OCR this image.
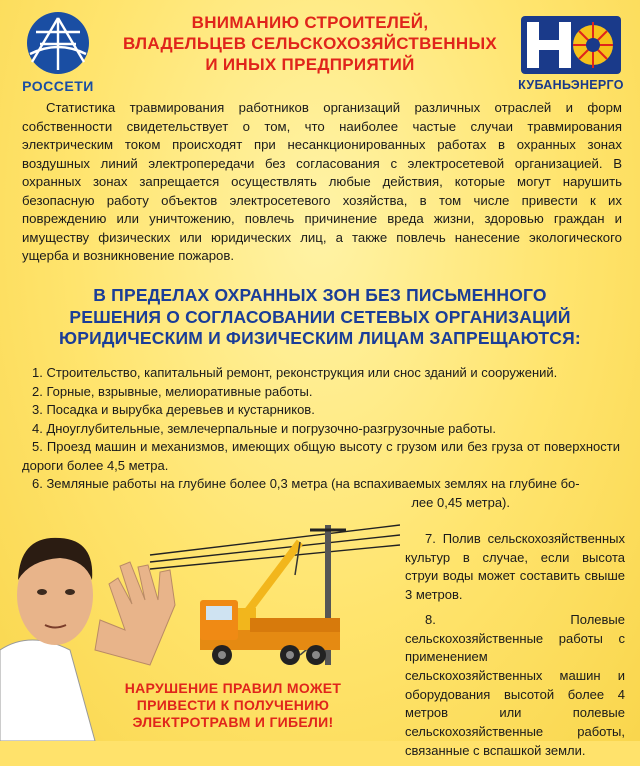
РОССЕТИ
ВНИМАНИЮ СТРОИТЕЛЕЙ,
ВЛАДЕЛЬЦЕВ СЕЛЬСКОХОЗЯЙСТВЕННЫХ
И ИНЫХ ПРЕДПРИЯТИЙ
КУБАНЬЭНЕРГО
Статистика травмирования работников организаций различных отраслей и форм собственности свидетельствует о том, что наиболее частые случаи травмирования электрическим током происходят при несанкционированных работах в охранных зонах воздушных линий электропередачи без согласования с электросетевой организацией. В охранных зонах запрещается осуществлять любые действия, которые могут нарушить безопасную работу объектов электросетевого хозяйства, в том числе привести к их повреждению или уничтожению, повлечь причинение вреда жизни, здоровью граждан и имуществу физических или юридических лиц, а также повлечь нанесение экологического ущерба и возникновение пожаров.
В ПРЕДЕЛАХ ОХРАННЫХ ЗОН БЕЗ ПИСЬМЕННОГО
РЕШЕНИЯ О СОГЛАСОВАНИИ СЕТЕВЫХ ОРГАНИЗАЦИЙ
ЮРИДИЧЕСКИМ И ФИЗИЧЕСКИМ ЛИЦАМ ЗАПРЕЩАЮТСЯ:
1. Строительство, капитальный ремонт, реконструкция или снос зданий и сооружений.
2. Горные, взрывные, мелиоративные работы.
3. Посадка и вырубка деревьев и кустарников.
4. Дноуглубительные, землечерпальные и погрузочно-разгрузочные работы.
5. Проезд машин и механизмов, имеющих общую высоту с грузом или без груза от поверхности дороги более 4,5 метра.
6. Земляные работы на глубине более 0,3 метра (на вспахиваемых землях на глубине бо-
лее 0,45 метра).
7. Полив сельскохозяйственных культур в случае, если высота струи воды может составить свыше 3 метров.
8. Полевые сельскохозяйственные работы с применением сельскохозяйственных машин и оборудования высотой более 4 метров или полевые сельскохозяйственные работы, связанные с вспашкой земли.
НАРУШЕНИЕ ПРАВИЛ МОЖЕТ
ПРИВЕСТИ К ПОЛУЧЕНИЮ
ЭЛЕКТРОТРАВМ И ГИБЕЛИ!
